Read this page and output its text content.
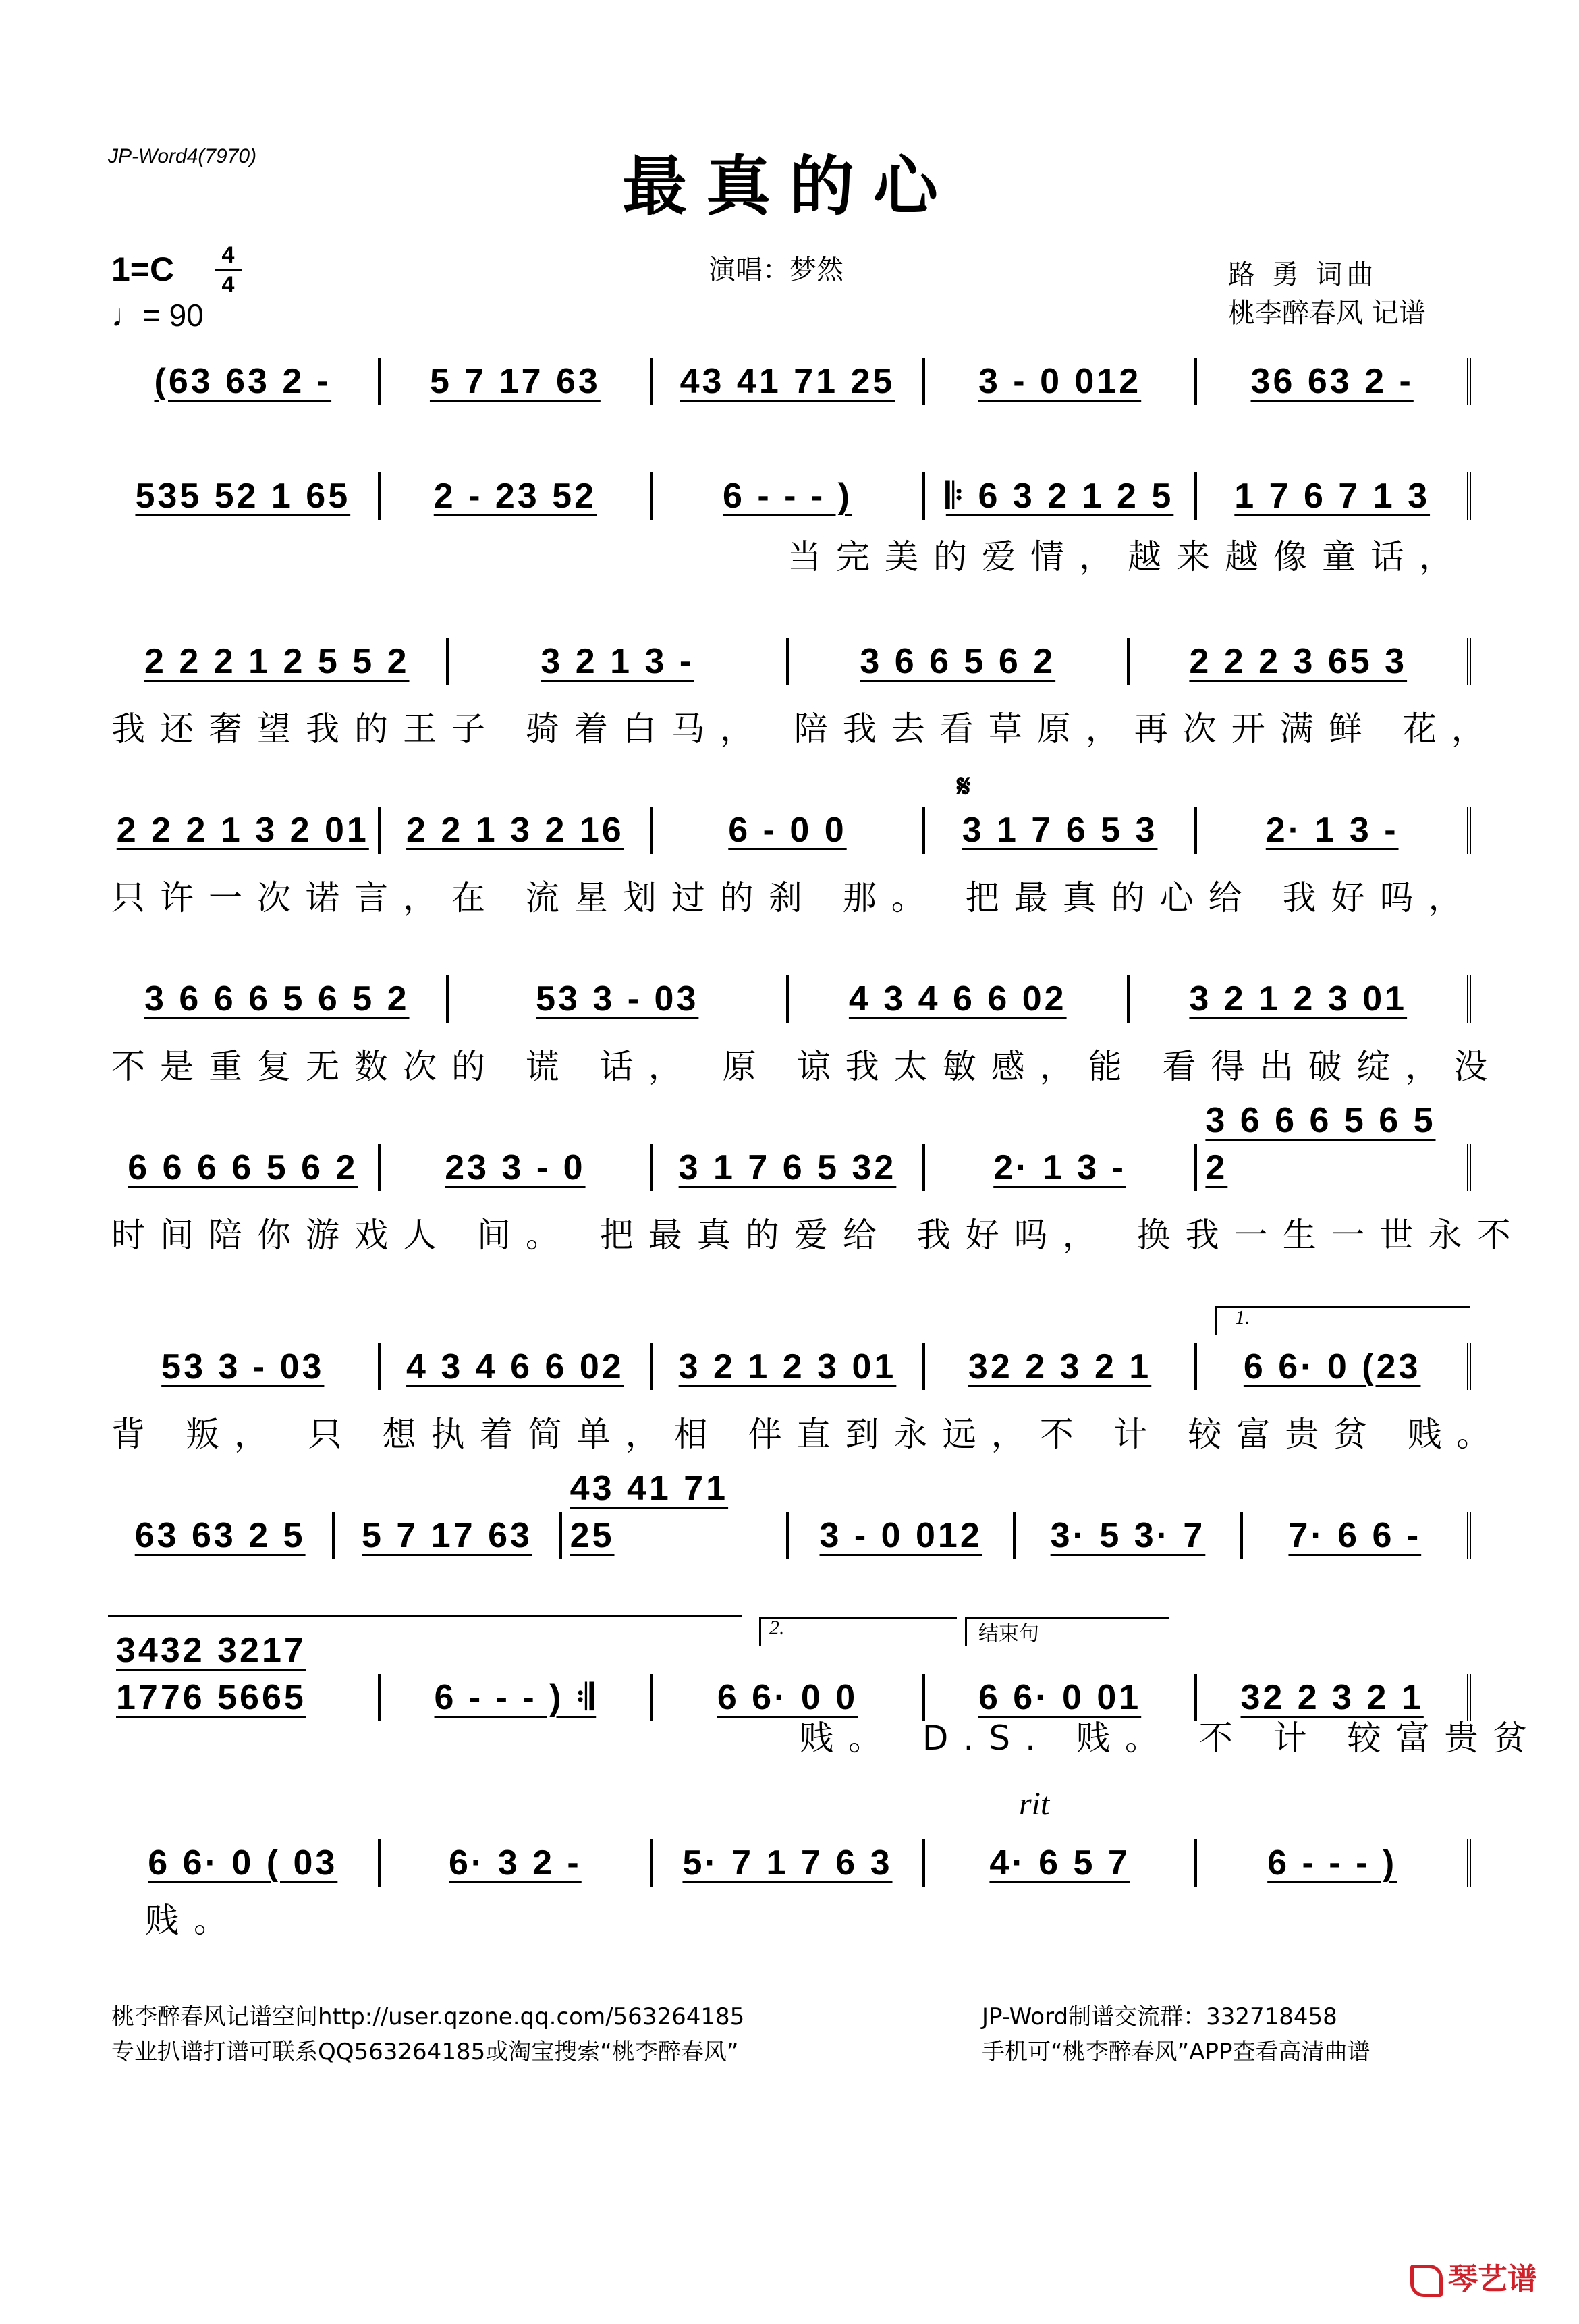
JP-Word4(7970)	最真的心
1=C	4
4
♩= 90
演唱：梦然	路 勇 词曲
桃李醉春风 记谱
(63 63 2 -	5 7 17 63	43 41 71 25	3 - 0 012	36 63 2 -
535 52 1 65	2 - 23 52	6 - - - )	𝄆 6 3 2 1 2 5	1 7 6 7 1 3
2 2 2 1 2 5 5 2	3 2 1 3 -	3 6 6 5 6 2	2 2 2 3 65 3
2 2 2 1 3 2 01	2 2 1 3 2 16	6 - 0 0	3 1 7 6 5 3	2· 1 3 -
3 6 6 6 5 6 5 2	53 3 - 03	4 3 4 6 6 02	3 2 1 2 3 01
6 6 6 6 5 6 2	23 3 - 0	3 1 7 6 5 32	2· 1 3 -
3 6 6 6 5 6 5 2
53 3 - 03	4 3 4 6 6 02	3 2 1 2 3 01	32 2 3 2 1	6 6· 0 (23
63 63 2 5	5 7 17 63
43 41 71 25	3 - 0 012	3· 5 3· 7	7· 6 6 -
3432 3217 1776 5665	6 - - - ) 𝄇	6 6· 0 0	6 6· 0 01	32 2 3 2 1
6 6· 0 ( 03	6· 3 2 -	5· 7 1 7 6 3	4· 6 5 7	6 - - - )
当完美的爱情，越来越像童话，
我还奢望我的王子 骑着白马， 陪我去看草原，再次开满鲜 花，
只许一次诺言，在 流星划过的刹 那。 把最真的心给 我好吗，
不是重复无数次的 谎 话， 原 谅我太敏感，能 看得出破绽，没
时间陪你游戏人 间。 把最真的爱给 我好吗， 换我一生一世永不
背 叛， 只 想执着简单，相 伴直到永远，不 计 较富贵贫 贱。
贱。 D.S. 贱。 不 计 较富贵贫
贱。
𝄋
1.
2.	结束句
rit
桃李醉春风记谱空间http://user.qzone.qq.com/563264185
专业扒谱打谱可联系QQ563264185或淘宝搜索“桃李醉春风”
JP-Word制谱交流群：332718458
手机可“桃李醉春风”APP查看高清曲谱
琴艺谱
